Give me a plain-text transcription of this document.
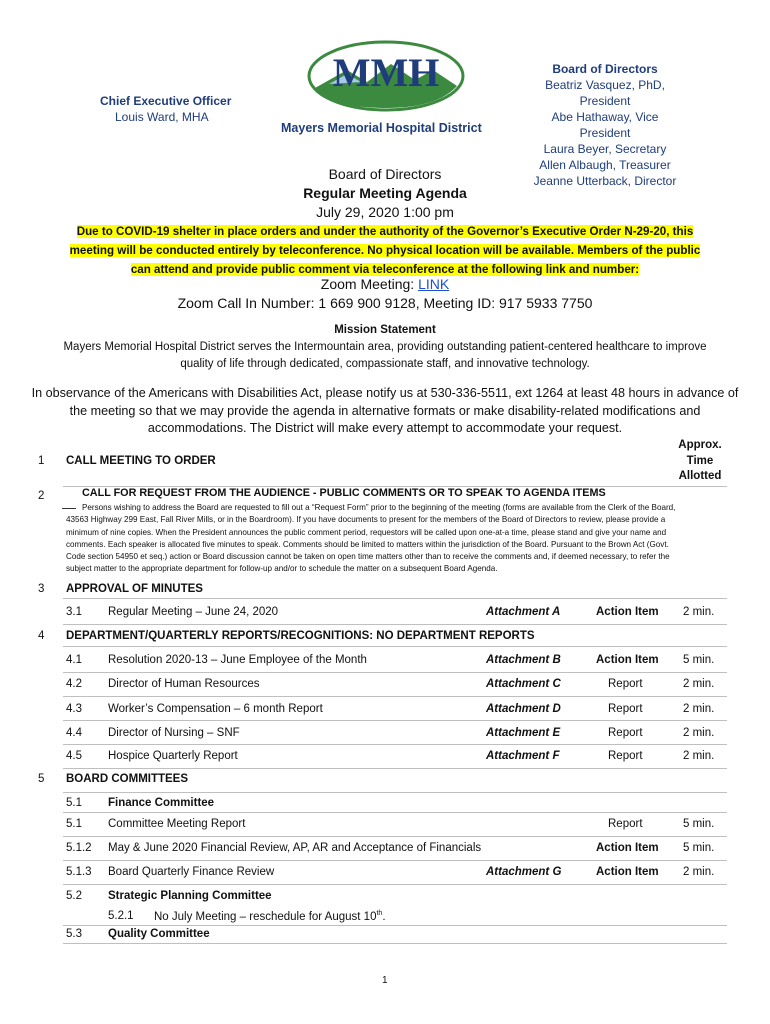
Chief Executive Officer
Louis Ward, MHA
MMH
Mayers Memorial Hospital District
Board of Directors
Beatriz Vasquez, PhD, President
Abe Hathaway, Vice President
Laura Beyer, Secretary
Allen Albaugh, Treasurer
Jeanne Utterback, Director
Board of Directors
Regular Meeting Agenda
July 29, 2020 1:00 pm
Due to COVID-19 shelter in place orders and under the authority of the Governor’s Executive Order N-29-20, this
meeting will be conducted entirely by teleconference. No physical location will be available. Members of the public
can attend and provide public comment via teleconference at the following link and number:
Zoom Meeting: LINK
Zoom Call In Number: 1 669 900 9128, Meeting ID: 917 5933 7750
Mission Statement
Mayers Memorial Hospital District serves the Intermountain area, providing outstanding patient-centered healthcare to improve
quality of life through dedicated, compassionate staff, and innovative technology.
In observance of the Americans with Disabilities Act, please notify us at 530-336-5511, ext 1264 at least 48 hours in advance of
the meeting so that we may provide the agenda in alternative formats or make disability-related modifications and
accommodations. The District will make every attempt to accommodate your request.
Approx.
Time
Allotted
1 CALL MEETING TO ORDER
2	CALL FOR REQUEST FROM THE AUDIENCE - PUBLIC COMMENTS OR TO SPEAK TO AGENDA ITEMS
Persons wishing to address the Board are requested to fill out a “Request Form” prior to the beginning of the meeting (forms are available from the Clerk of the Board,
43563 Highway 299 East, Fall River Mills, or in the Boardroom). If you have documents to present for the members of the Board of Directors to review, please provide a
minimum of nine copies. When the President announces the public comment period, requestors will be called upon one-at-a time, please stand and give your name and
comments. Each speaker is allocated five minutes to speak. Comments should be limited to matters within the jurisdiction of the Board. Pursuant to the Brown Act (Govt.
Code section 54950 et seq.) action or Board discussion cannot be taken on open time matters other than to receive the comments and, if deemed necessary, to refer the
subject matter to the appropriate department for follow-up and/or to schedule the matter on a subsequent Board Agenda.
3 APPROVAL OF MINUTES
3.1 Regular Meeting – June 24, 2020	Attachment A	Action Item 2 min.
4 DEPARTMENT/QUARTERLY REPORTS/RECOGNITIONS: NO DEPARTMENT REPORTS
4.1 Resolution 2020-13 – June Employee of the Month	Attachment B	Action Item 5 min.
4.2 Director of Human Resources	Attachment C	Report	2 min.
4.3 Worker’s Compensation – 6 month Report	Attachment D	Report	2 min.
4.4 Director of Nursing – SNF	Attachment E	Report	2 min.
4.5 Hospice Quarterly Report	Attachment F	Report	2 min.
5 BOARD COMMITTEES
5.1 Finance Committee
5.1 Committee Meeting Report	Report	5 min.
5.1.2 May & June 2020 Financial Review, AP, AR and Acceptance of Financials	Action Item 5 min.
5.1.3 Board Quarterly Finance Review	Attachment G	Action Item 2 min.
5.2 Strategic Planning Committee
5.2.1 No July Meeting – reschedule for August 10th.
5.3 Quality Committee
1
